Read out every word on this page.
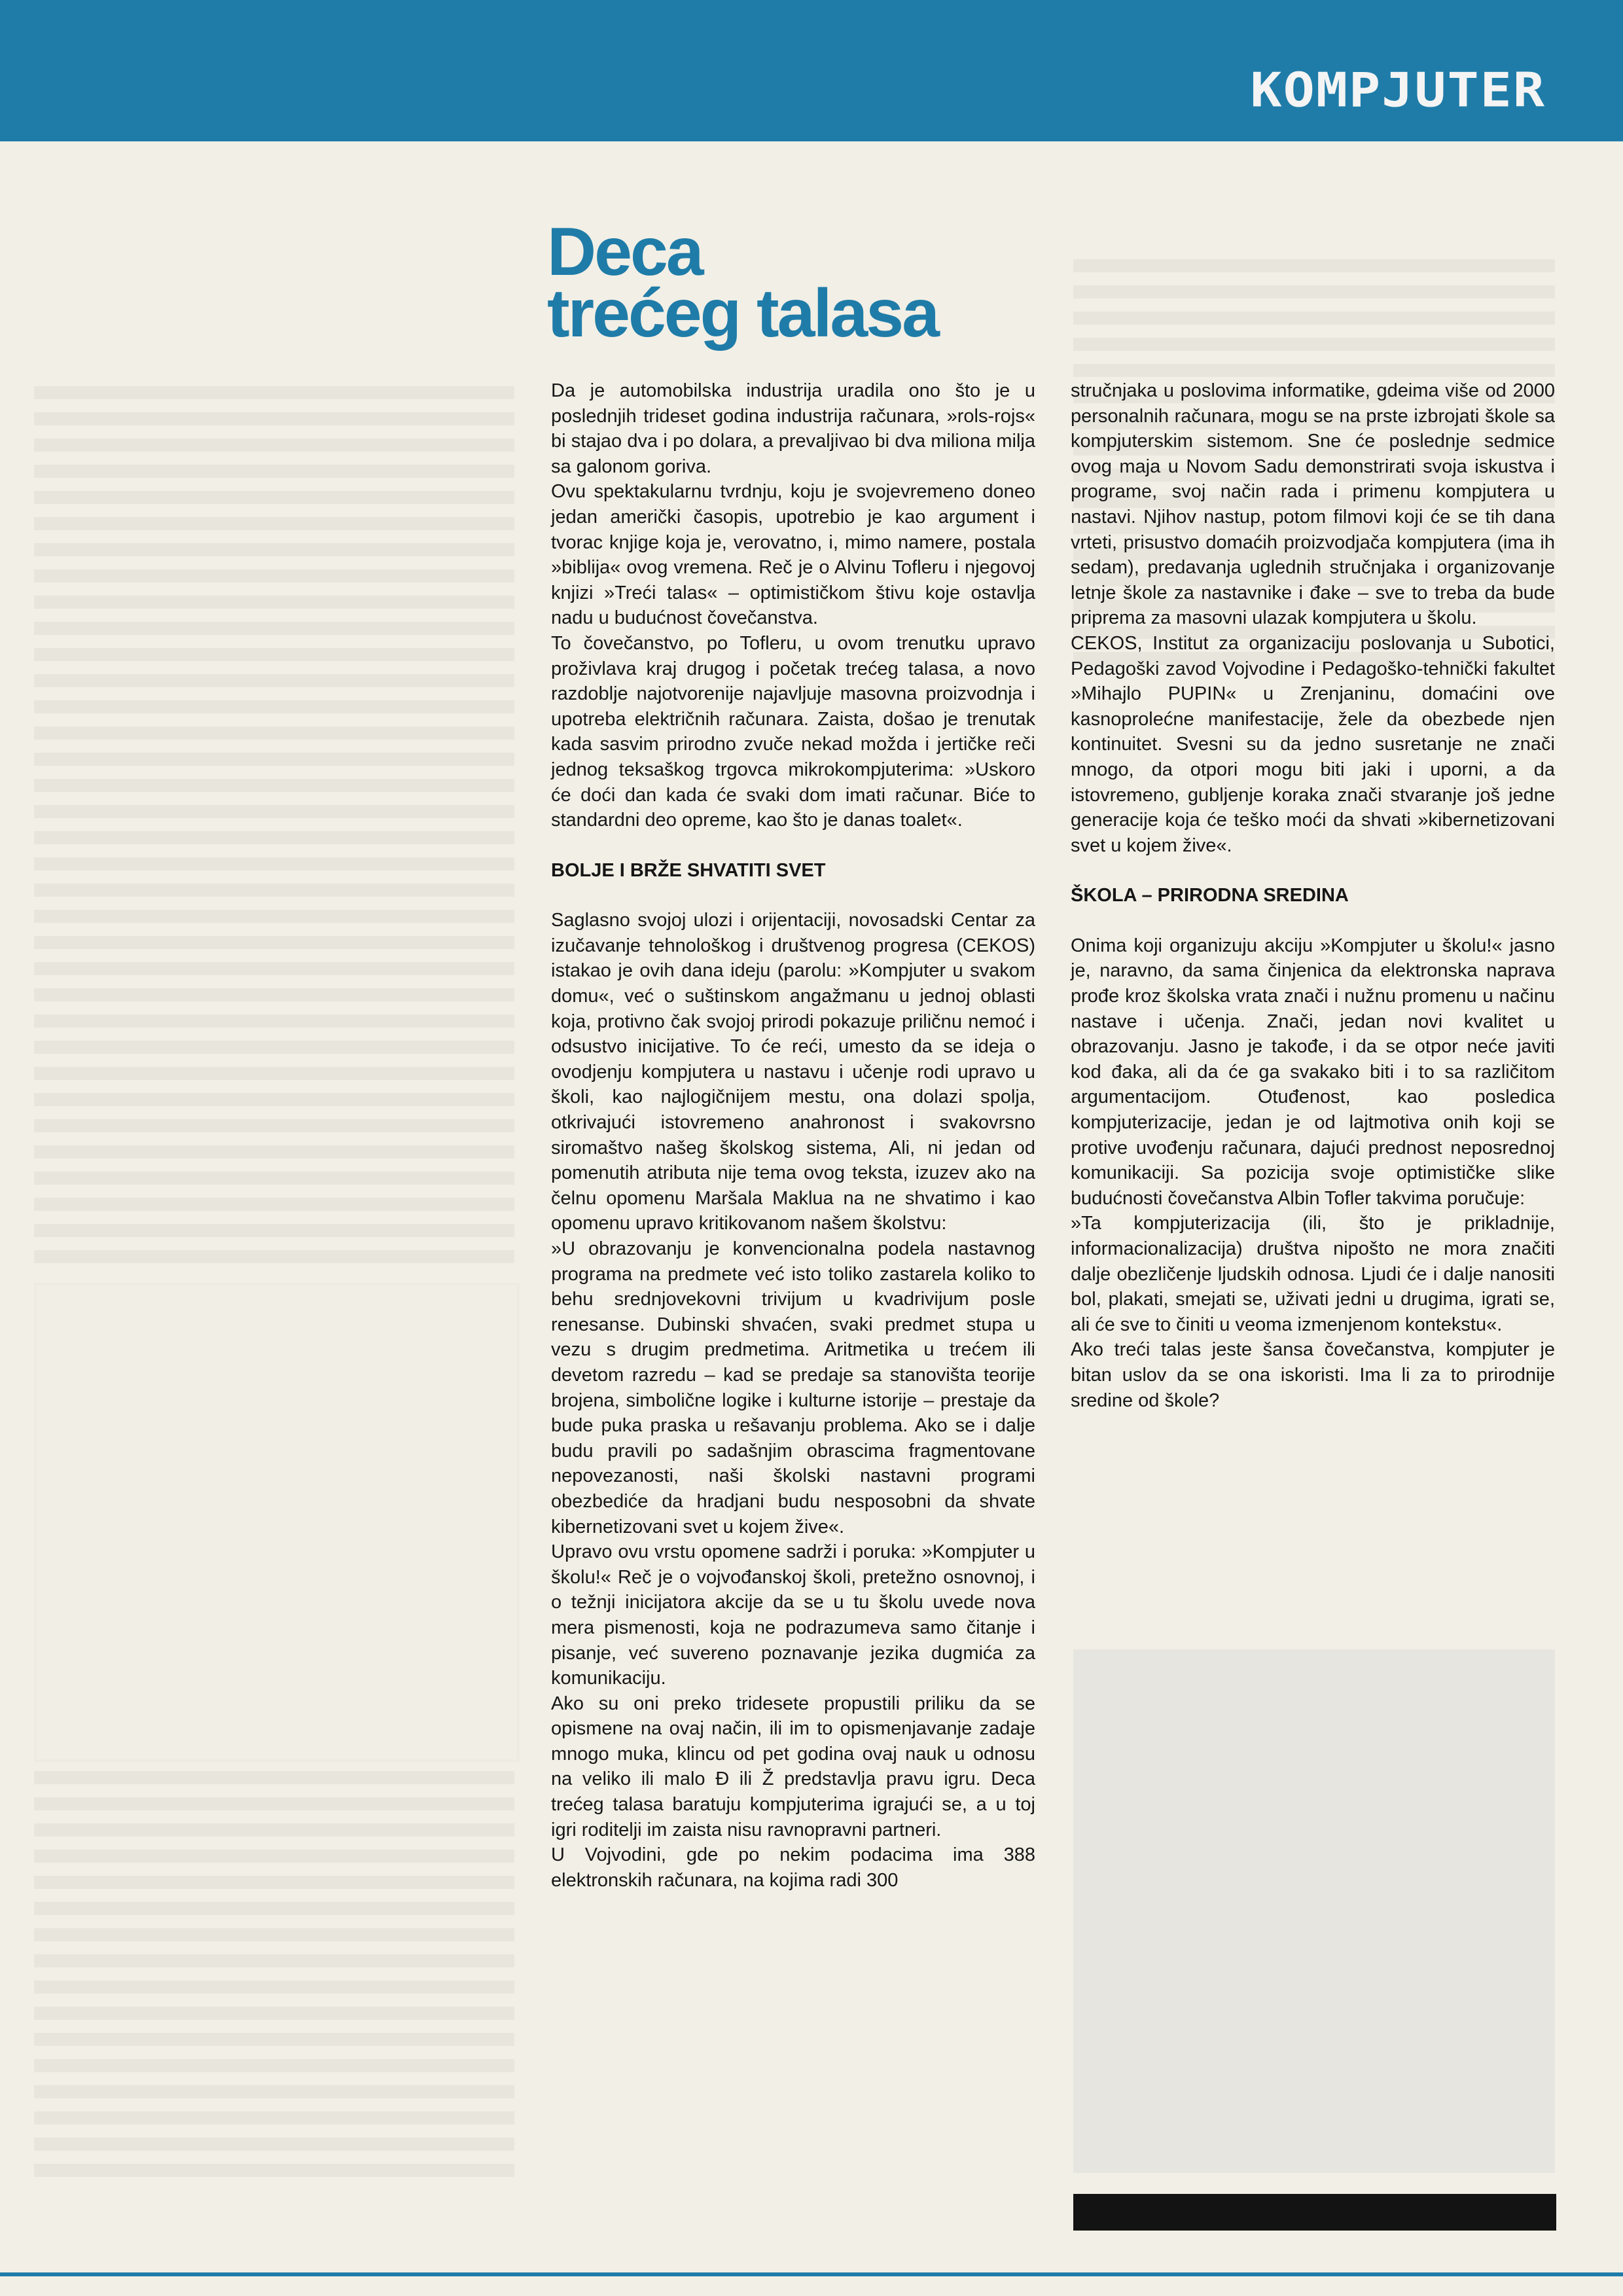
KOMPJUTER
Deca
trećeg talasa

Da je automobilska industrija uradila ono što je u poslednjih trideset godina industrija računara, »rols-rojs« bi stajao dva i po dolara, a prevaljivao bi dva miliona milja sa galonom goriva.

Ovu spektakularnu tvrdnju, koju je svojevremeno doneo jedan američki časopis, upotrebio je kao argument i tvorac knjige koja je, verovatno, i, mimo namere, postala »biblija« ovog vremena. Reč je o Alvinu Tofleru i njegovoj knjizi »Treći talas« – optimističkom štivu koje ostavlja nadu u budućnost čovečanstva.

To čovečanstvo, po Tofleru, u ovom trenutku upravo proživlava kraj drugog i početak trećeg talasa, a novo razdoblje najotvorenije najavljuje masovna proizvodnja i upotreba električnih računara. Zaista, došao je trenutak kada sasvim prirodno zvuče nekad možda i jertičke reči jednog teksaškog trgovca mikrokompjuterima: »Uskoro će doći dan kada će svaki dom imati računar. Biće to standardni deo opreme, kao što je danas toalet«.

BOLJE I BRŽE SHVATITI SVET

Saglasno svojoj ulozi i orijentaciji, novosadski Centar za izučavanje tehnološkog i društvenog progresa (CEKOS) istakao je ovih dana ideju (parolu: »Kompjuter u svakom domu«, već o suštinskom angažmanu u jednoj oblasti koja, protivno čak svojoj prirodi pokazuje priličnu nemoć i odsustvo inicijative. To će reći, umesto da se ideja o ovodjenju kompjutera u nastavu i učenje rodi upravo u školi, kao najlogičnijem mestu, ona dolazi spolja, otkrivajući istovremeno anahronost i svakovrsno siromaštvo našeg školskog sistema, Ali, ni jedan od pomenutih atributa nije tema ovog teksta, izuzev ako na čelnu opomenu Maršala Maklua na ne shvatimo i kao opomenu upravo kritikovanom našem školstvu:

»U obrazovanju je konvencionalna podela nastavnog programa na predmete već isto toliko zastarela koliko to behu srednjovekovni trivijum u kvadrivijum posle renesanse. Dubinski shvaćen, svaki predmet stupa u vezu s drugim predmetima. Aritmetika u trećem ili devetom razredu – kad se predaje sa stanovišta teorije brojena, simbolične logike i kulturne istorije – prestaje da bude puka praska u rešavanju problema. Ako se i dalje budu pravili po sadašnjim obrascima fragmentovane nepovezanosti, naši školski nastavni programi obezbediće da hradjani budu nesposobni da shvate kibernetizovani svet u kojem žive«.

Upravo ovu vrstu opomene sadrži i poruka: »Kompjuter u školu!« Reč je o vojvođanskoj školi, pretežno osnovnoj, i o težnji inicijatora akcije da se u tu školu uvede nova mera pismenosti, koja ne podrazumeva samo čitanje i pisanje, već suvereno poznavanje jezika dugmića za komunikaciju.

Ako su oni preko tridesete propustili priliku da se opismene na ovaj način, ili im to opismenjavanje zadaje mnogo muka, klincu od pet godina ovaj nauk u odnosu na veliko ili malo Đ ili Ž predstavlja pravu igru. Deca trećeg talasa baratuju kompjuterima igrajući se, a u toj igri roditelji im zaista nisu ravnopravni partneri.

U Vojvodini, gde po nekim podacima ima 388 elektronskih računara, na kojima radi 300

stručnjaka u poslovima informatike, gdeima više od 2000 personalnih računara, mogu se na prste izbrojati škole sa kompjuterskim sistemom. Sne će poslednje sedmice ovog maja u Novom Sadu demonstrirati svoja iskustva i programe, svoj način rada i primenu kompjutera u nastavi. Njihov nastup, potom filmovi koji će se tih dana vrteti, prisustvo domaćih proizvodjača kompjutera (ima ih sedam), predavanja uglednih stručnjaka i organizovanje letnje škole za nastavnike i đake – sve to treba da bude priprema za masovni ulazak kompjutera u školu.

CEKOS, Institut za organizaciju poslovanja u Subotici, Pedagoški zavod Vojvodine i Pedagoško-tehnički fakultet »Mihajlo PUPIN« u Zrenjaninu, domaćini ove kasnoprolećne manifestacije, žele da obezbede njen kontinuitet. Svesni su da jedno susretanje ne znači mnogo, da otpori mogu biti jaki i uporni, a da istovremeno, gubljenje koraka znači stvaranje još jedne generacije koja će teško moći da shvati »kibernetizovani svet u kojem žive«.

ŠKOLA – PRIRODNA SREDINA

Onima koji organizuju akciju »Kompjuter u školu!« jasno je, naravno, da sama činjenica da elektronska naprava prođe kroz školska vrata znači i nužnu promenu u načinu nastave i učenja. Znači, jedan novi kvalitet u obrazovanju. Jasno je takođe, i da se otpor neće javiti kod đaka, ali da će ga svakako biti i to sa različitom argumentacijom. Otuđenost, kao posledica kompjuterizacije, jedan je od lajtmotiva onih koji se protive uvođenju računara, dajući prednost neposrednoj komunikaciji. Sa pozicija svoje optimističke slike budućnosti čovečanstva Albin Tofler takvima poručuje:

»Ta kompjuterizacija (ili, što je prikladnije, informacionalizacija) društva nipošto ne mora značiti dalje obezličenje ljudskih odnosa. Ljudi će i dalje nanositi bol, plakati, smejati se, uživati jedni u drugima, igrati se, ali će sve to činiti u veoma izmenjenom kontekstu«.

Ako treći talas jeste šansa čovečanstva, kompjuter je bitan uslov da se ona iskoristi. Ima li za to prirodnije sredine od škole?
